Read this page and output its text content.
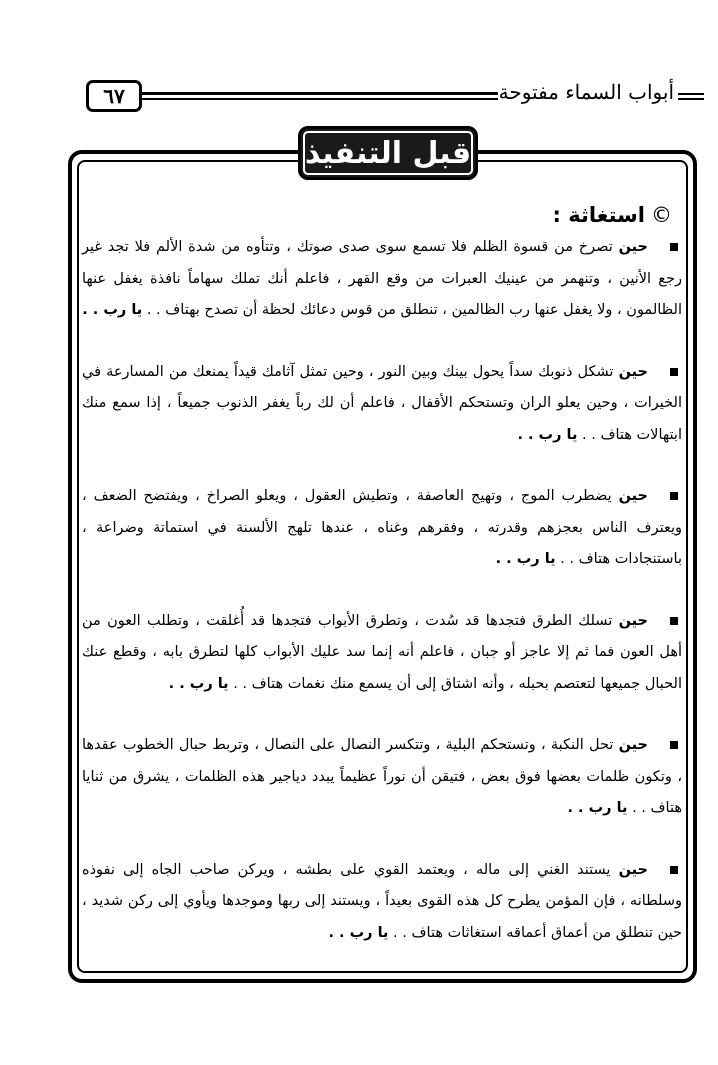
٦٧	أبواب السماء مفتوحة
قبل التنفيذ
©استغاثة :

حين تصرخ من قسوة الظلم فلا تسمع سوى صدى صوتك ، وتتأوه من شدة الألم فلا تجد غير رجع الأنين ، وتنهمر من عينيك العبرات من وقع القهر ، فاعلم أنك تملك سهاماً نافذة يغفل عنها الظالمون ، ولا يغفل عنها رب الظالمين ، تنطلق من قوس دعائك لحظة أن تصدح بهتاف . . يا رب . .

حين تشكل ذنوبك سداً يحول بينك وبين النور ، وحين تمثل آثامك قيداً يمنعك من المسارعة في الخيرات ، وحين يعلو الران وتستحكم الأقفال ، فاعلم أن لك رباً يغفر الذنوب جميعاً ، إذا سمع منك ابتهالات هتاف . . يا رب . .

حين يضطرب الموج ، وتهيج العاصفة ، وتطيش العقول ، ويعلو الصراخ ، ويفتضح الضعف ، ويعترف الناس بعجزهم وقدرته ، وفقرهم وغناه ، عندها تلهج الألسنة في استماتة وضراعة ، باستنجادات هتاف . . يا رب . .

حين تسلك الطرق فتجدها قد سُدت ، وتطرق الأبواب فتجدها قد أُغلقت ، وتطلب العون من أهل العون فما ثم إلا عاجز أو جبان ، فاعلم أنه إنما سد عليك الأبواب كلها لتطرق بابه ، وقطع عنك الحبال جميعها لتعتصم بحبله ، وأنه اشتاق إلى أن يسمع منك نغمات هتاف . . يا رب . .

حين تحل النكبة ، وتستحكم البلية ، وتتكسر النصال على النصال ، وتربط حبال الخطوب عقدها ، وتكون ظلمات بعضها فوق بعض ، فتيقن أن نوراً عظيماً يبدد دياجير هذه الظلمات ، يشرق من ثنايا هتاف . . يا رب . .

حين يستند الغني إلى ماله ، ويعتمد القوي على بطشه ، ويركن صاحب الجاه إلى نفوذه وسلطانه ، فإن المؤمن يطرح كل هذه القوى بعيداً ، ويستند إلى ربها وموجدها ويأوي إلى ركن شديد ، حين تنطلق من أعماق أعماقه استغاثات هتاف . . يا رب . .
